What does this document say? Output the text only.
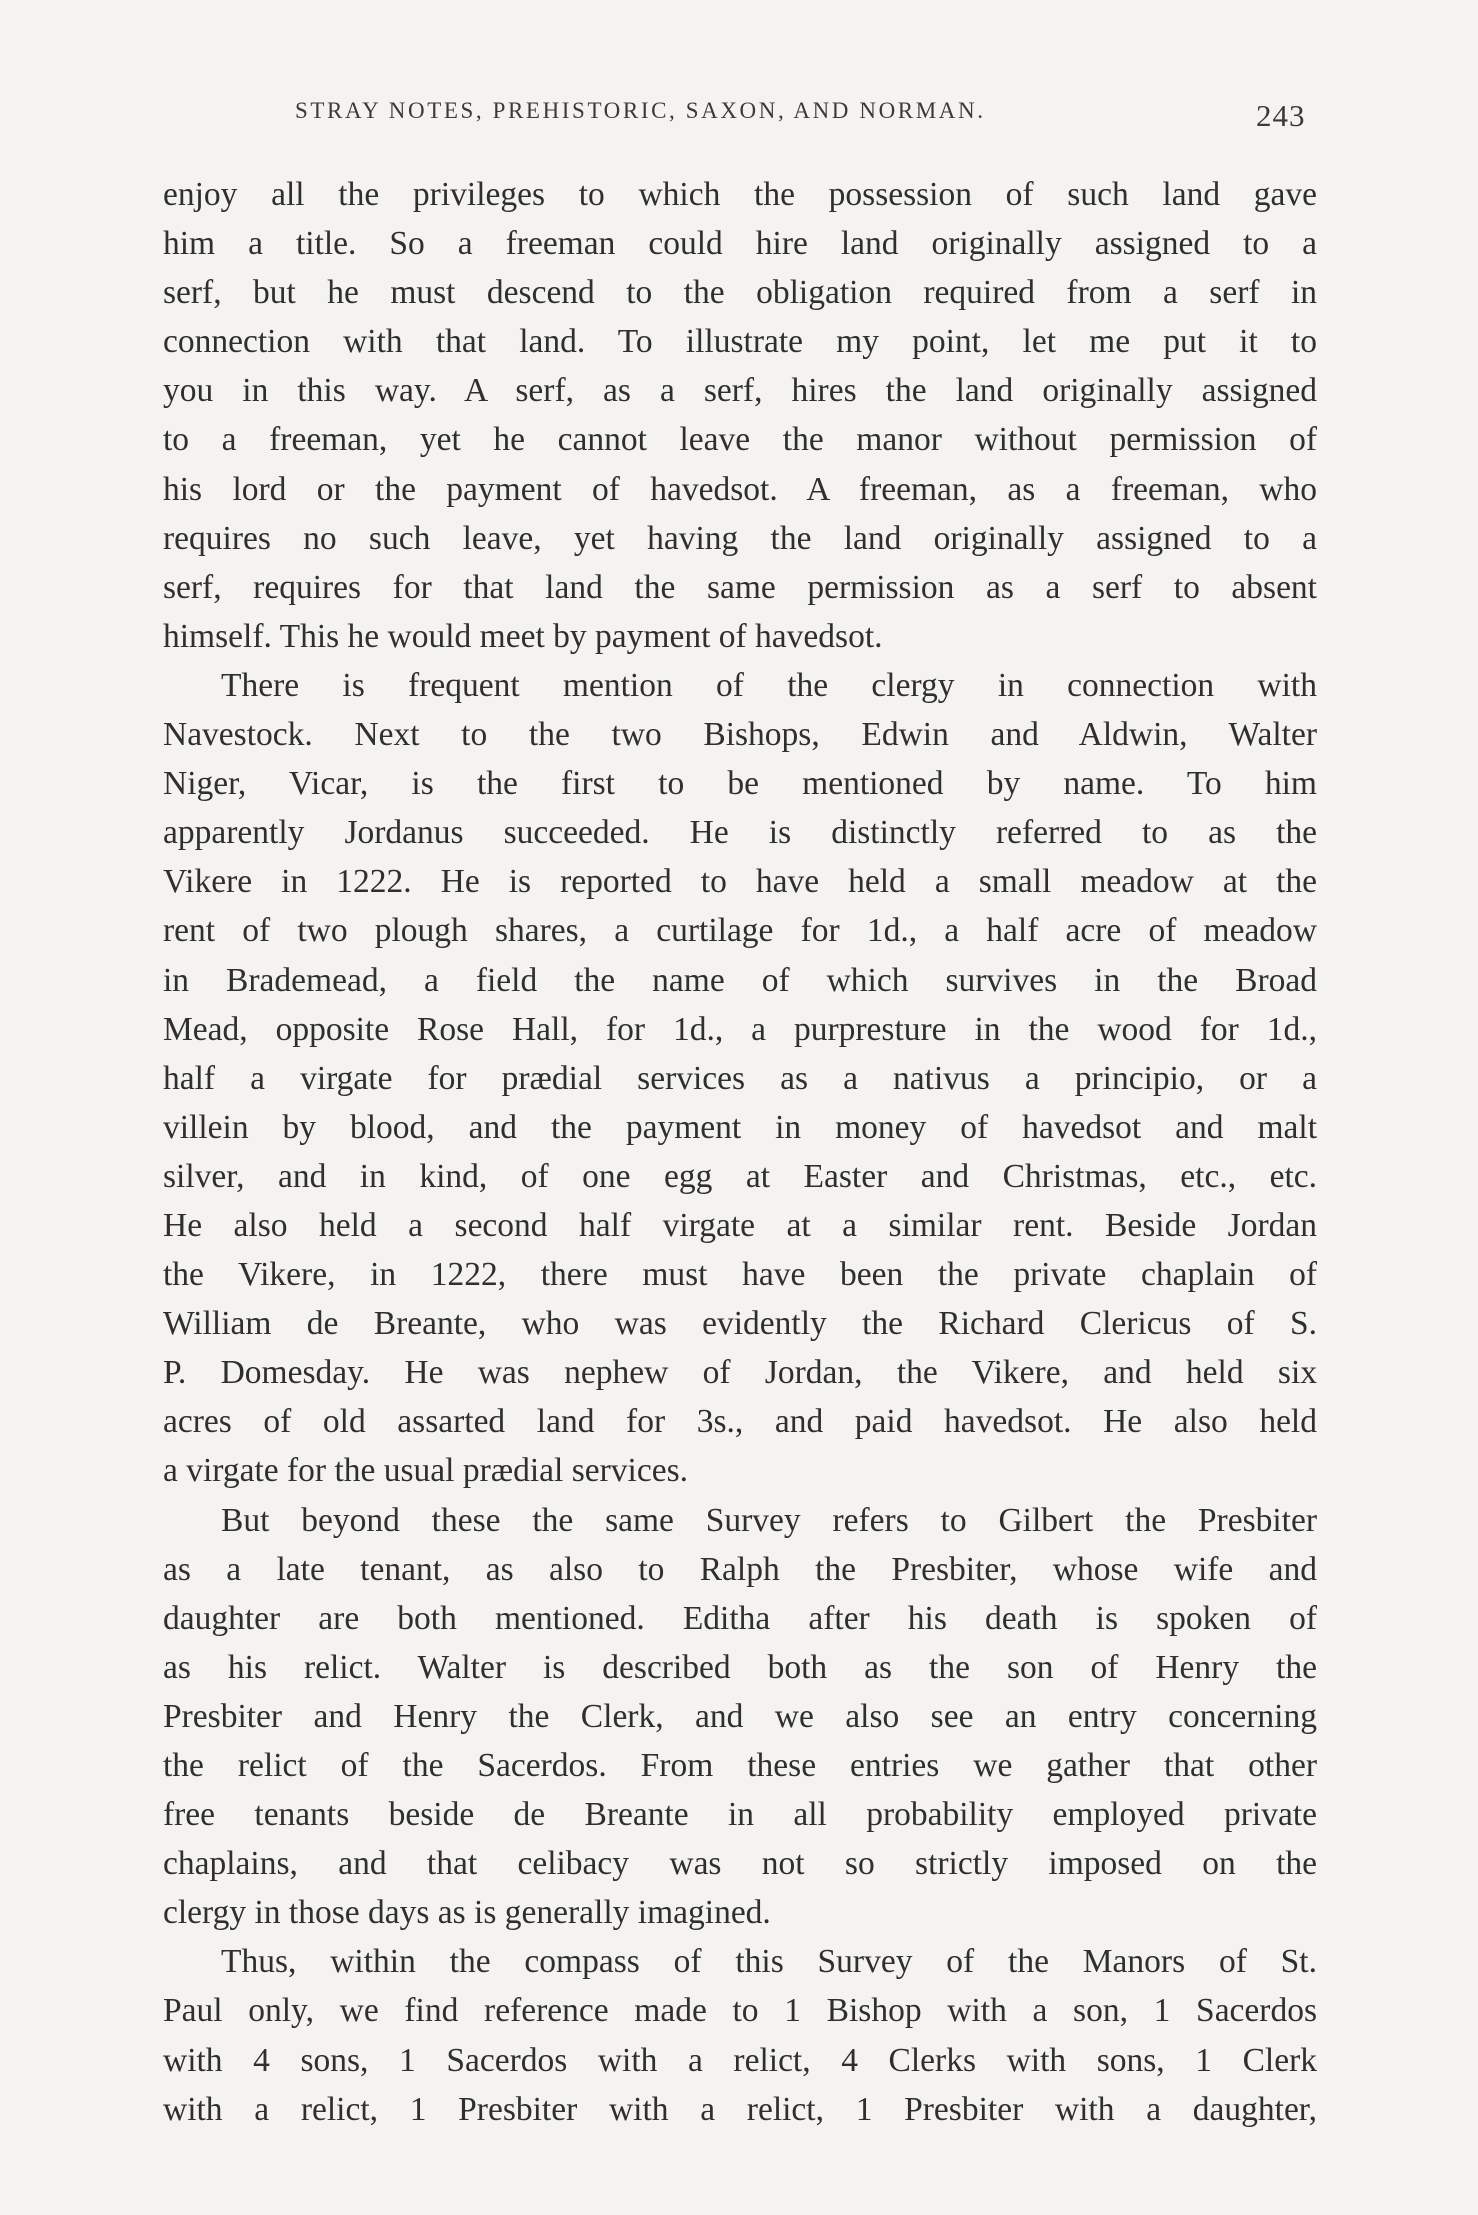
STRAY NOTES, PREHISTORIC, SAXON, AND NORMAN.	243

enjoy all the privileges to which the possession of such land gave
him a title. So a freeman could hire land originally assigned to a
serf, but he must descend to the obligation required from a serf in
connection with that land. To illustrate my point, let me put it to
you in this way. A serf, as a serf, hires the land originally assigned
to a freeman, yet he cannot leave the manor without permission of
his lord or the payment of havedsot. A freeman, as a freeman, who
requires no such leave, yet having the land originally assigned to a
serf, requires for that land the same permission as a serf to absent
himself. This he would meet by payment of havedsot.

There is frequent mention of the clergy in connection with
Navestock. Next to the two Bishops, Edwin and Aldwin, Walter
Niger, Vicar, is the first to be mentioned by name. To him
apparently Jordanus succeeded. He is distinctly referred to as the
Vikere in 1222. He is reported to have held a small meadow at the
rent of two plough shares, a curtilage for 1d., a half acre of meadow
in Brademead, a field the name of which survives in the Broad
Mead, opposite Rose Hall, for 1d., a purpresture in the wood for 1d.,
half a virgate for prædial services as a nativus a principio, or a
villein by blood, and the payment in money of havedsot and malt
silver, and in kind, of one egg at Easter and Christmas, etc., etc.
He also held a second half virgate at a similar rent. Beside Jordan
the Vikere, in 1222, there must have been the private chaplain of
William de Breante, who was evidently the Richard Clericus of S.
P. Domesday. He was nephew of Jordan, the Vikere, and held six
acres of old assarted land for 3s., and paid havedsot. He also held
a virgate for the usual prædial services.

But beyond these the same Survey refers to Gilbert the Presbiter
as a late tenant, as also to Ralph the Presbiter, whose wife and
daughter are both mentioned. Editha after his death is spoken of
as his relict. Walter is described both as the son of Henry the
Presbiter and Henry the Clerk, and we also see an entry concerning
the relict of the Sacerdos. From these entries we gather that other
free tenants beside de Breante in all probability employed private
chaplains, and that celibacy was not so strictly imposed on the
clergy in those days as is generally imagined.

Thus, within the compass of this Survey of the Manors of St.
Paul only, we find reference made to 1 Bishop with a son, 1 Sacerdos
with 4 sons, 1 Sacerdos with a relict, 4 Clerks with sons, 1 Clerk
with a relict, 1 Presbiter with a relict, 1 Presbiter with a daughter,
